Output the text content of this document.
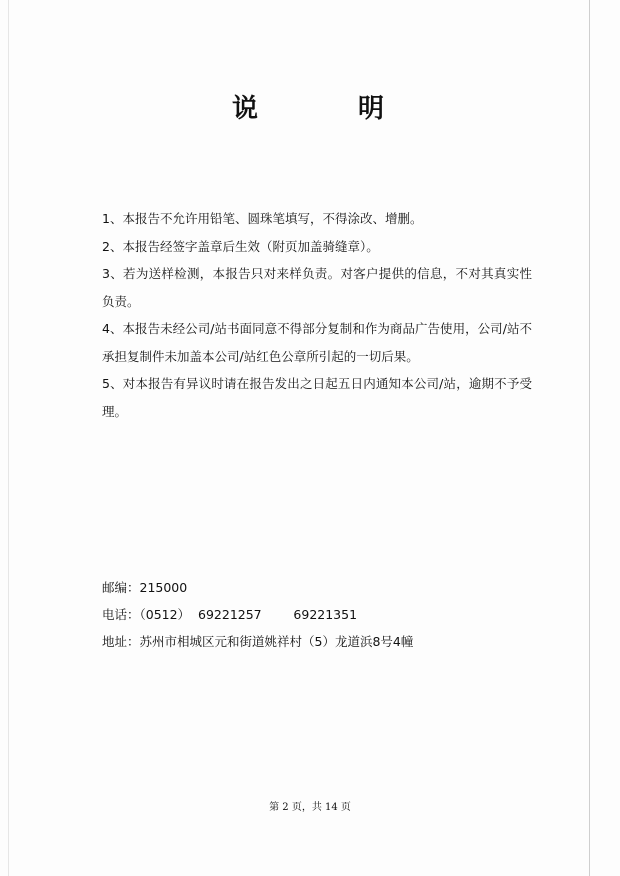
说	明

1、本报告不允许用铅笔、圆珠笔填写，不得涂改、增删。

2、本报告经签字盖章后生效（附页加盖骑缝章）。

3、若为送样检测，本报告只对来样负责。对客户提供的信息，不对其真实性负责。

4、本报告未经公司/站书面同意不得部分复制和作为商品广告使用，公司/站不承担复制件未加盖本公司/站红色公章所引起的一切后果。

5、对本报告有异议时请在报告发出之日起五日内通知本公司/站，逾期不予受理。

邮编：215000
电话：（0512）  69221257        69221351
地址：苏州市相城区元和街道姚祥村（5）龙道浜8号4幢
第 2 页，共 14 页
